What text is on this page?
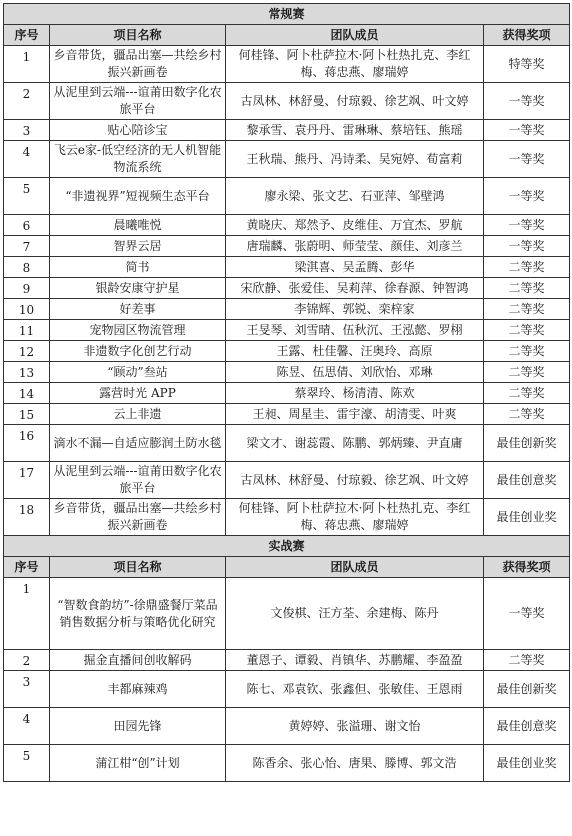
常规赛			
序号	项目名称	团队成员	获得奖项
1	乡音带货，疆品出塞—共绘乡村振兴新画卷	何桂锋、阿卜杜萨拉木·阿卜杜热扎克、李红梅、蒋忠燕、廖瑞婷	特等奖
2	从泥里到云端---谊莆田数字化农旅平台	古凤林、林舒曼、付琼毅、徐艺飒、叶文婷	一等奖
3	贴心陪诊宝	黎承雪、袁丹丹、雷琳琳、蔡培钰、熊瑶	一等奖
4	飞云e家-低空经济的无人机智能物流系统	王秋瑞、熊丹、冯诗柔、吴宛婷、荀富莉	一等奖
5	“非遗视界”短视频生态平台	廖永梁、张文艺、石亚萍、邹壁鸿	一等奖
6	晨曦唯悦	黄晓庆、郑然予、皮维佳、万宜杰、罗航	一等奖
7	智界云居	唐瑞麟、张蔚明、师莹莹、颜佳、刘彦兰	一等奖
8	简书	梁淇喜、吴孟腾、彭华	二等奖
9	银龄安康守护星	宋欣静、张爱佳、吴莉萍、徐春源、钟智鸿	二等奖
10	好差事	李锦辉、郭锐、栾梓家	二等奖
11	宠物园区物流管理	王旻琴、刘雪晴、伍秋沉、王泓懿、罗栩	二等奖
12	非遗数字化创艺行动	王露、杜佳馨、汪奥玲、高原	二等奖
13	“顾动”叁站	陈昱、伍思倩、刘欣怡、邓琳	二等奖
14	露营时光 APP	蔡翠玲、杨清清、陈欢	二等奖
15	云上非遗	王昶、周星圭、雷宇濠、胡清雯、叶爽	二等奖
16	滴水不漏—自适应膨润土防水毯	梁文才、谢蕊霞、陈鹏、郭炳臻、尹直庸	最佳创新奖
17	从泥里到云端---谊莆田数字化农旅平台	古凤林、林舒曼、付琼毅、徐艺飒、叶文婷	最佳创意奖
18	乡音带货，疆品出塞—共绘乡村振兴新画卷	何桂锋、阿卜杜萨拉木·阿卜杜热扎克、李红梅、蒋忠燕、廖瑞婷	最佳创业奖
实战赛			
序号	项目名称	团队成员	获得奖项
1	“智数食韵坊”-徐鼎盛餐厅菜品销售数据分析与策略优化研究	文俊棋、汪方荃、余建梅、陈丹	一等奖
2	掘金直播间创收解码	董恩子、谭毅、肖镇华、苏鹏耀、李盈盈	二等奖
3	丰都麻辣鸡	陈七、邓袁钦、张鑫但、张敏佳、王恩雨	最佳创新奖
4	田园先锋	黄婷婷、张溢珊、谢文怡	最佳创意奖
5	蒲江柑“创”计划	陈香余、张心怡、唐果、滕博、郭文浩	最佳创业奖
